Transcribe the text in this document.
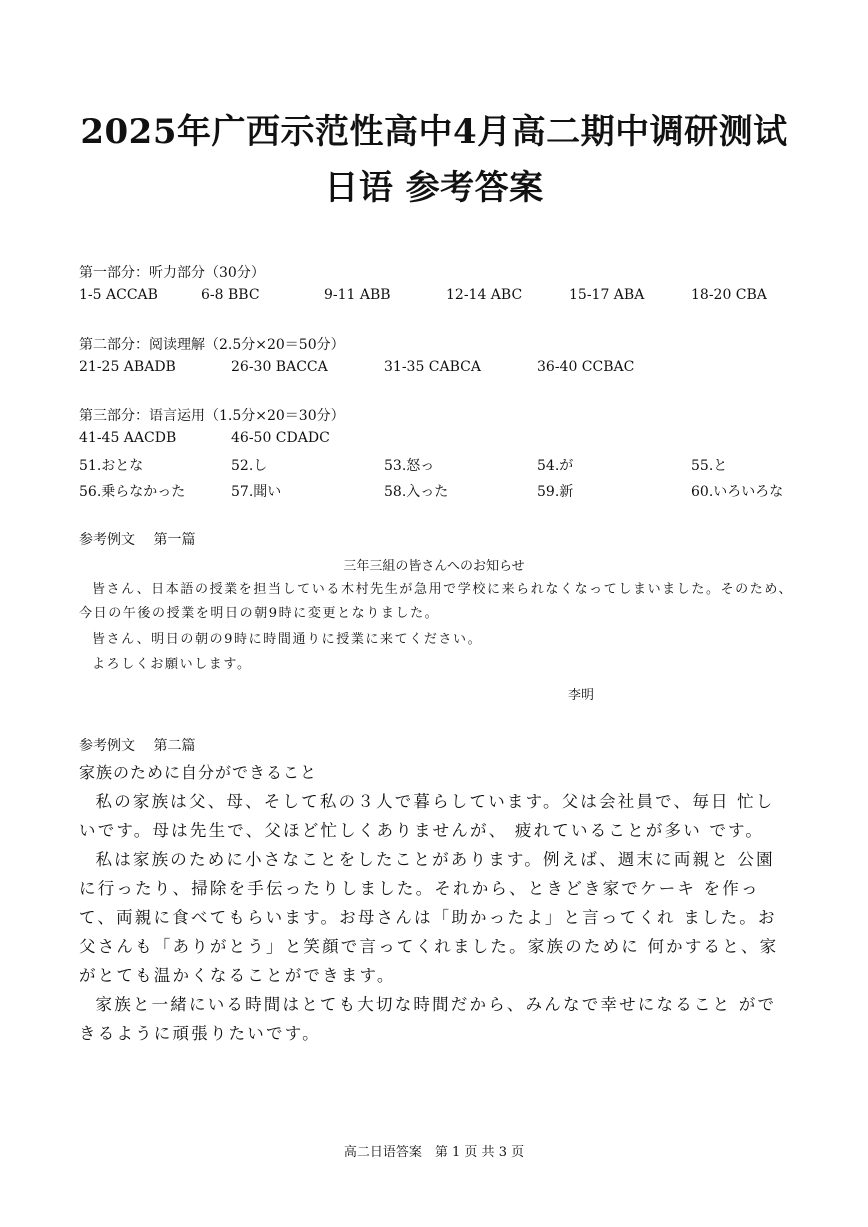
2025年广西示范性高中4月高二期中调研测试
日语 参考答案
第一部分：听力部分（30分）
1-5 ACCAB	6-8 BBC	9-11 ABB	12-14 ABC	15-17 ABA	18-20 CBA
第二部分：阅读理解（2.5分×20＝50分）
21-25 ABADB	26-30 BACCA	31-35 CABCA	36-40 CCBAC
第三部分：语言运用（1.5分×20＝30分）
41-45 AACDB	46-50 CDADC
51.おとな	52.し	53.怒っ	54.が	55.と
56.乗らなかった	57.聞い	58.入った	59.新	60.いろいろな
参考例文　 第一篇
三年三組の皆さんへのお知らせ
皆さん、日本語の授業を担当している木村先生が急用で学校に来られなくなってしまいました。そのため、今日の午後の授業を明日の朝9時に変更となりました。
皆さん、明日の朝の9時に時間通りに授業に来てください。
よろしくお願いします。
李明
参考例文　 第二篇
家族のために自分ができること
私の家族は父、母、そして私の３人で暮らしています。父は会社員で、毎日 忙しいです。母は先生で、父ほど忙しくありませんが、 疲れていることが多い です。
私は家族のために小さなことをしたことがあります。例えば、週末に両親と 公園に行ったり、掃除を手伝ったりしました。それから、ときどき家でケーキ を作って、両親に食べてもらいます。お母さんは「助かったよ」と言ってくれ ました。お父さんも「ありがとう」と笑顔で言ってくれました。家族のために 何かすると、家がとても温かくなることができます。
家族と一緒にいる時間はとても大切な時間だから、みんなで幸せになること ができるように頑張りたいです。
高二日语答案　第 1 页 共 3 页
